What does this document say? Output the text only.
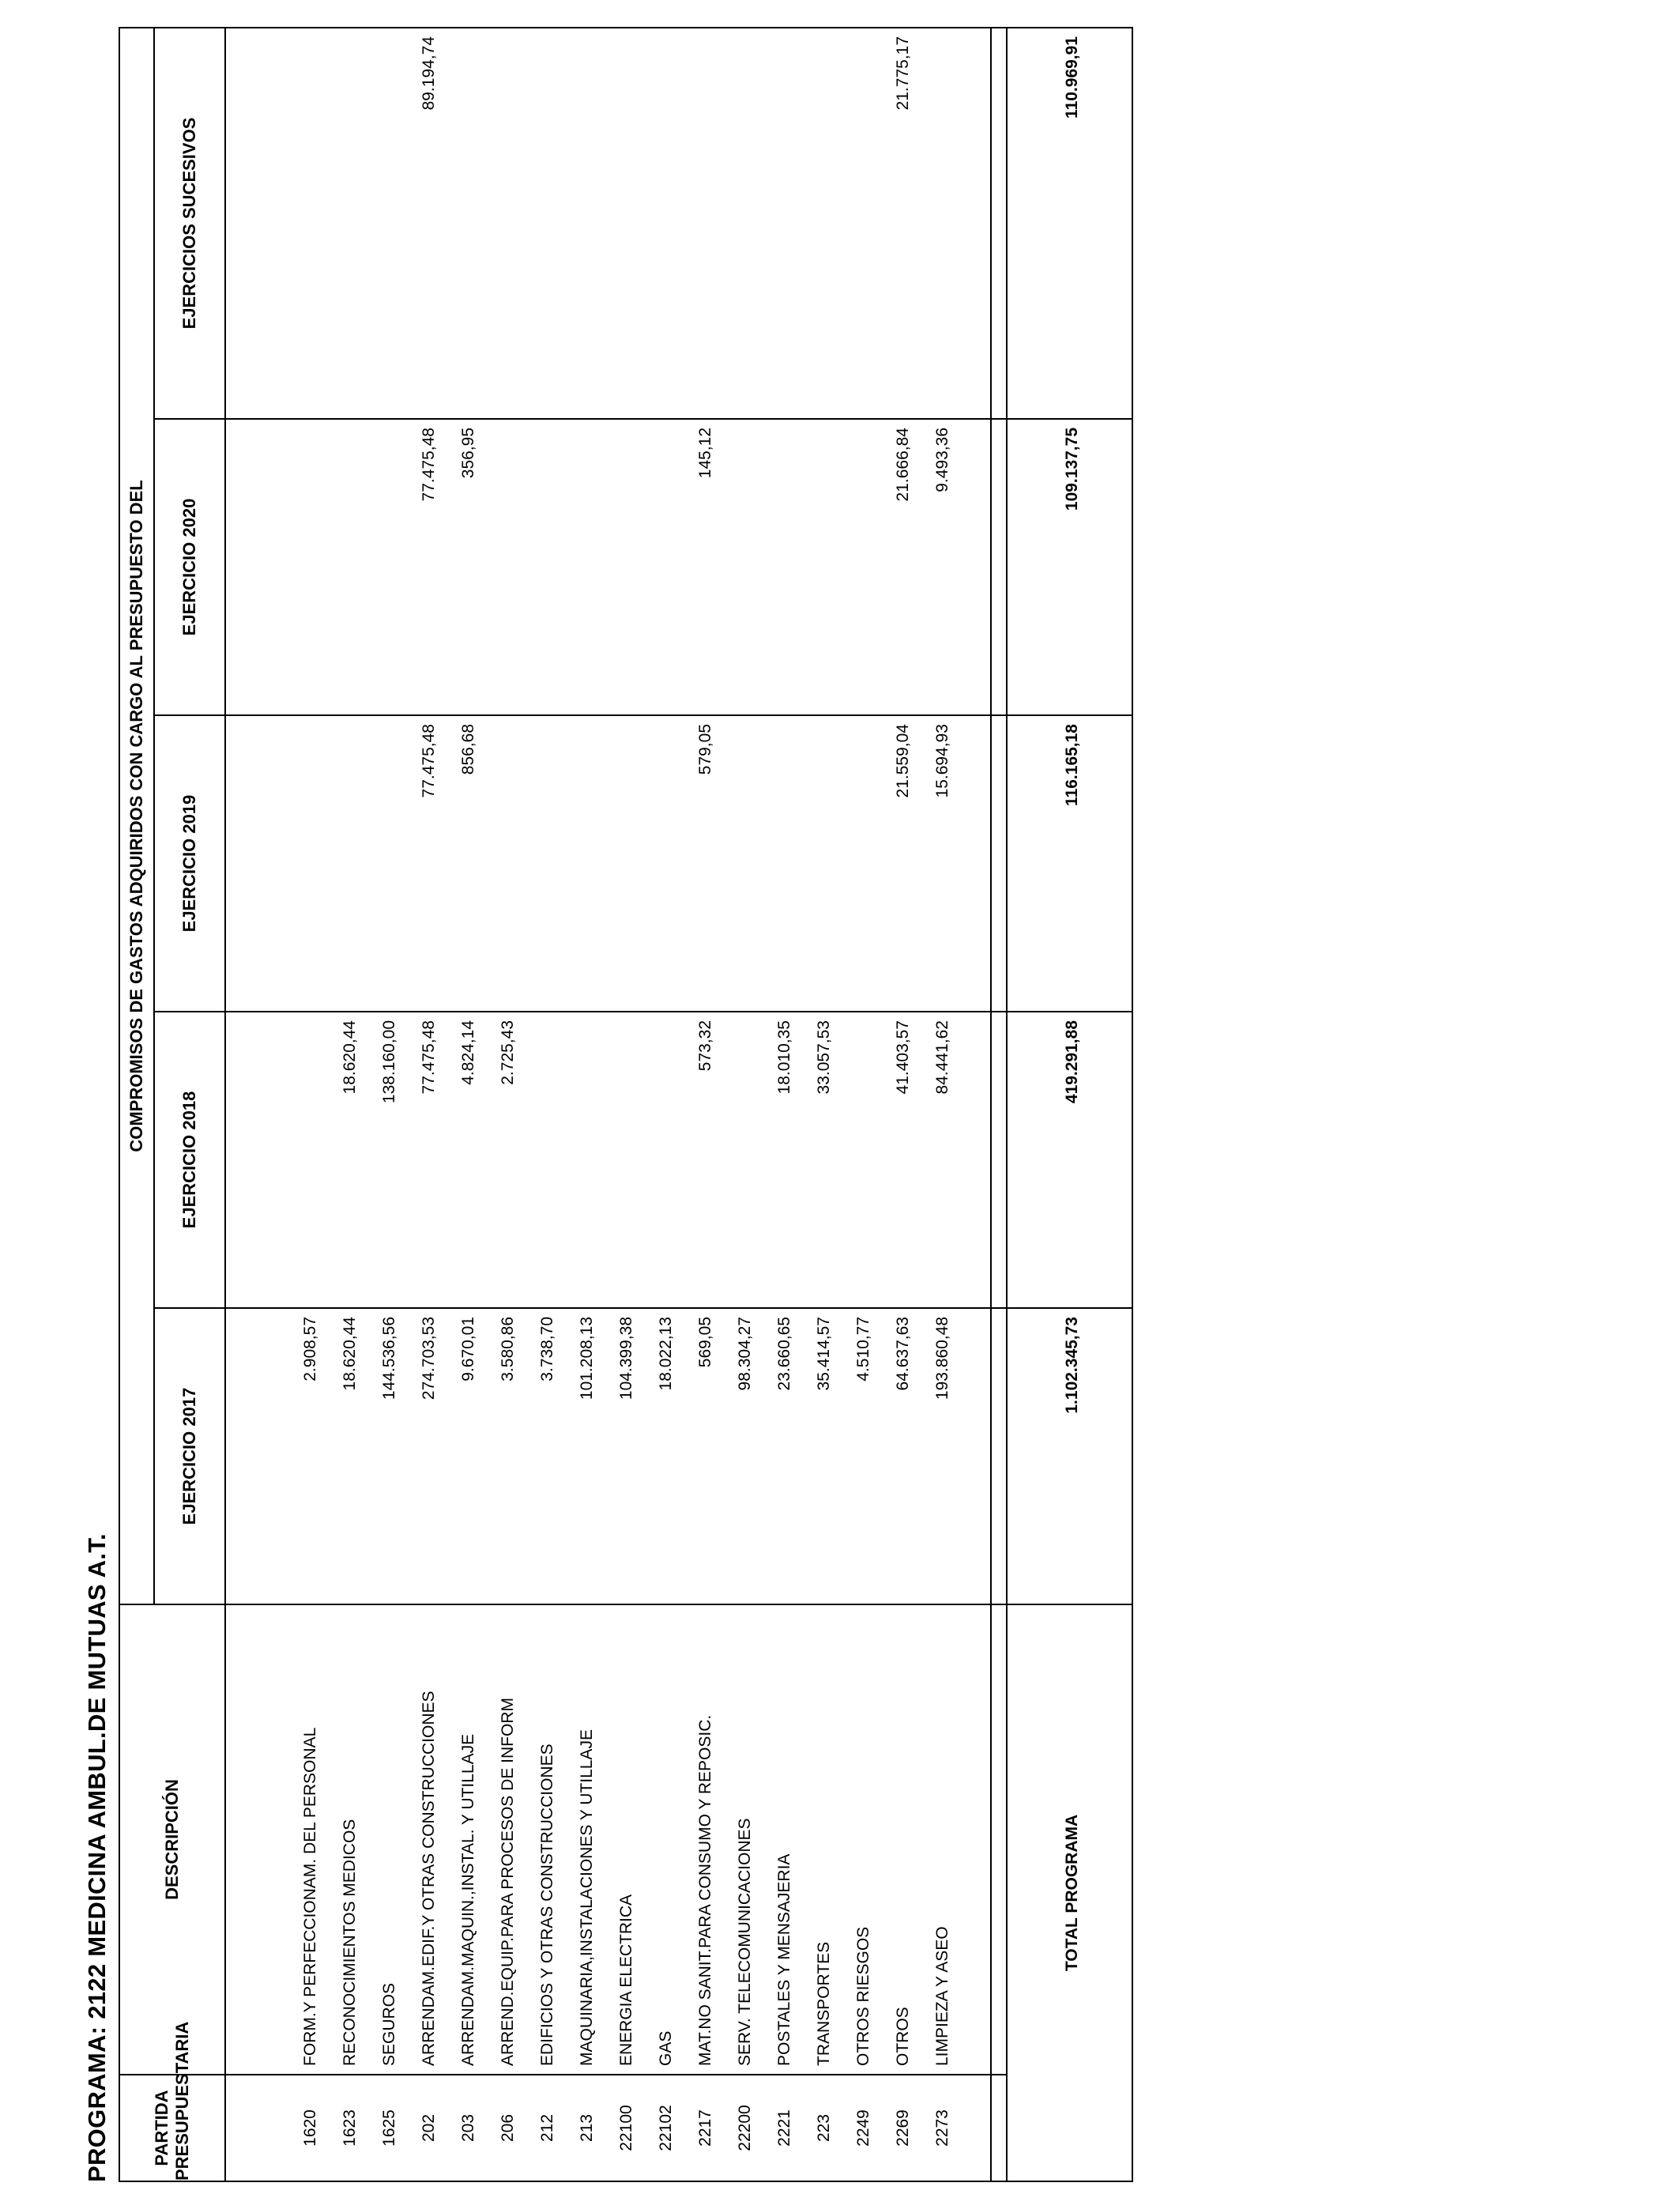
PROGRAMA: 2122 MEDICINA AMBUL.DE MUTUAS A.T. PARTIDA PRESUPUESTARIA	DESCRIPCIÓN	COMPROMISOS DE GASTOS ADQUIRIDOS CON CARGO AL PRESUPUESTO DEL				
		EJERCICIO 2017	EJERCICIO 2018	EJERCICIO 2019	EJERCICIO 2020	EJERCICIOS SUCESIVOS
1620	FORM.Y PERFECCIONAM. DEL PERSONAL	2.908,57				
1623	RECONOCIMIENTOS MEDICOS	18.620,44	18.620,44			
1625	SEGUROS	144.536,56	138.160,00			
202	ARRENDAM.EDIF.Y OTRAS CONSTRUCCIONES	274.703,53	77.475,48	77.475,48	77.475,48	89.194,74
203	ARRENDAM.MAQUIN.,INSTAL. Y UTILLAJE	9.670,01	4.824,14	856,68	356,95	
206	ARREND.EQUIP.PARA PROCESOS DE INFORM	3.580,86	2.725,43			
212	EDIFICIOS Y OTRAS CONSTRUCCIONES	3.738,70				
213	MAQUINARIA,INSTALACIONES Y UTILLAJE	101.208,13				
22100	ENERGIA ELECTRICA	104.399,38				
22102	GAS	18.022,13				
2217	MAT.NO SANIT.PARA CONSUMO Y REPOSIC.	569,05	573,32	579,05	145,12	
22200	SERV. TELECOMUNICACIONES	98.304,27				
2221	POSTALES Y MENSAJERIA	23.660,65	18.010,35			
223	TRANSPORTES	35.414,57	33.057,53			
2249	OTROS RIESGOS	4.510,77				
2269	OTROS	64.637,63	41.403,57	21.559,04	21.666,84	21.775,17
2273	LIMPIEZA Y ASEO	193.860,48	84.441,62	15.694,93	9.493,36	
TOTAL PROGRAMA	1.102.345,73	419.291,88	116.165,18	109.137,75	110.969,91
